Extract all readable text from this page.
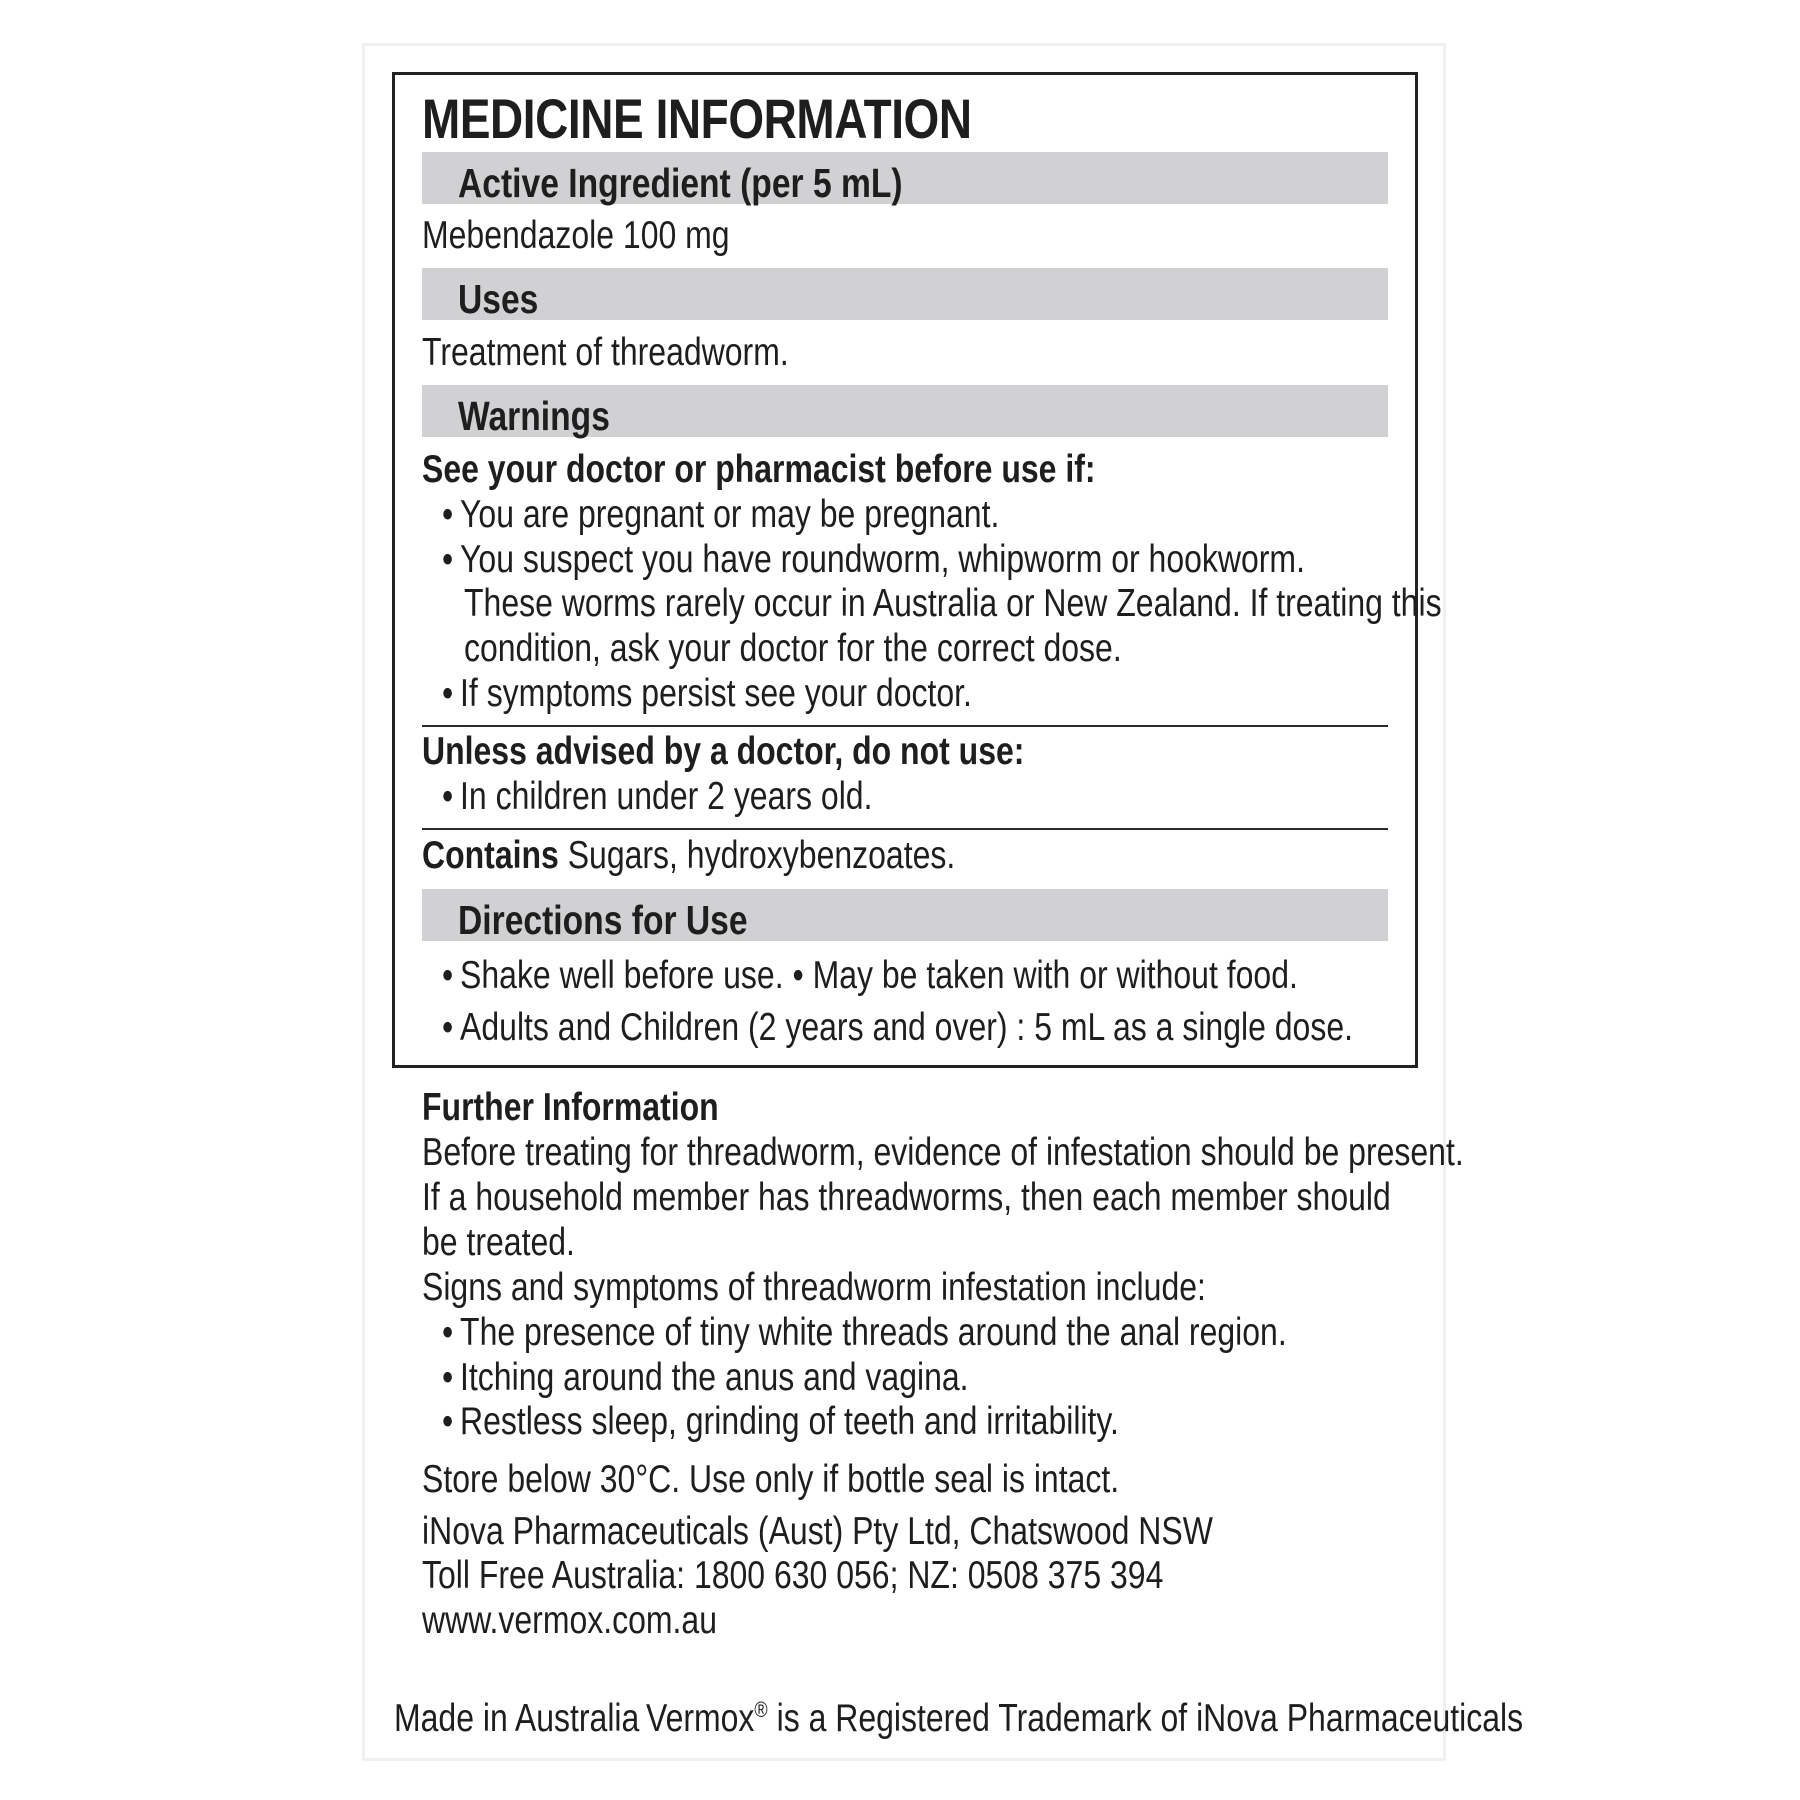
MEDICINE INFORMATION
Active Ingredient (per 5 mL)
Mebendazole 100 mg
Uses
Treatment of threadworm.
Warnings
See your doctor or pharmacist before use if:
• You are pregnant or may be pregnant.
• You suspect you have roundworm, whipworm or hookworm.
These worms rarely occur in Australia or New Zealand. If treating this
condition, ask your doctor for the correct dose.
• If symptoms persist see your doctor.
Unless advised by a doctor, do not use:
• In children under 2 years old.
Contains Sugars, hydroxybenzoates.
Directions for Use
• Shake well before use. • May be taken with or without food.
• Adults and Children (2 years and over) : 5 mL as a single dose.
Further Information
Before treating for threadworm, evidence of infestation should be present.
If a household member has threadworms, then each member should
be treated.
Signs and symptoms of threadworm infestation include:
• The presence of tiny white threads around the anal region.
• Itching around the anus and vagina.
• Restless sleep, grinding of teeth and irritability.
Store below 30°C. Use only if bottle seal is intact.
iNova Pharmaceuticals (Aust) Pty Ltd, Chatswood NSW
Toll Free Australia: 1800 630 056; NZ: 0508 375 394
www.vermox.com.au
Made in Australia Vermox® is a Registered Trademark of iNova Pharmaceuticals
